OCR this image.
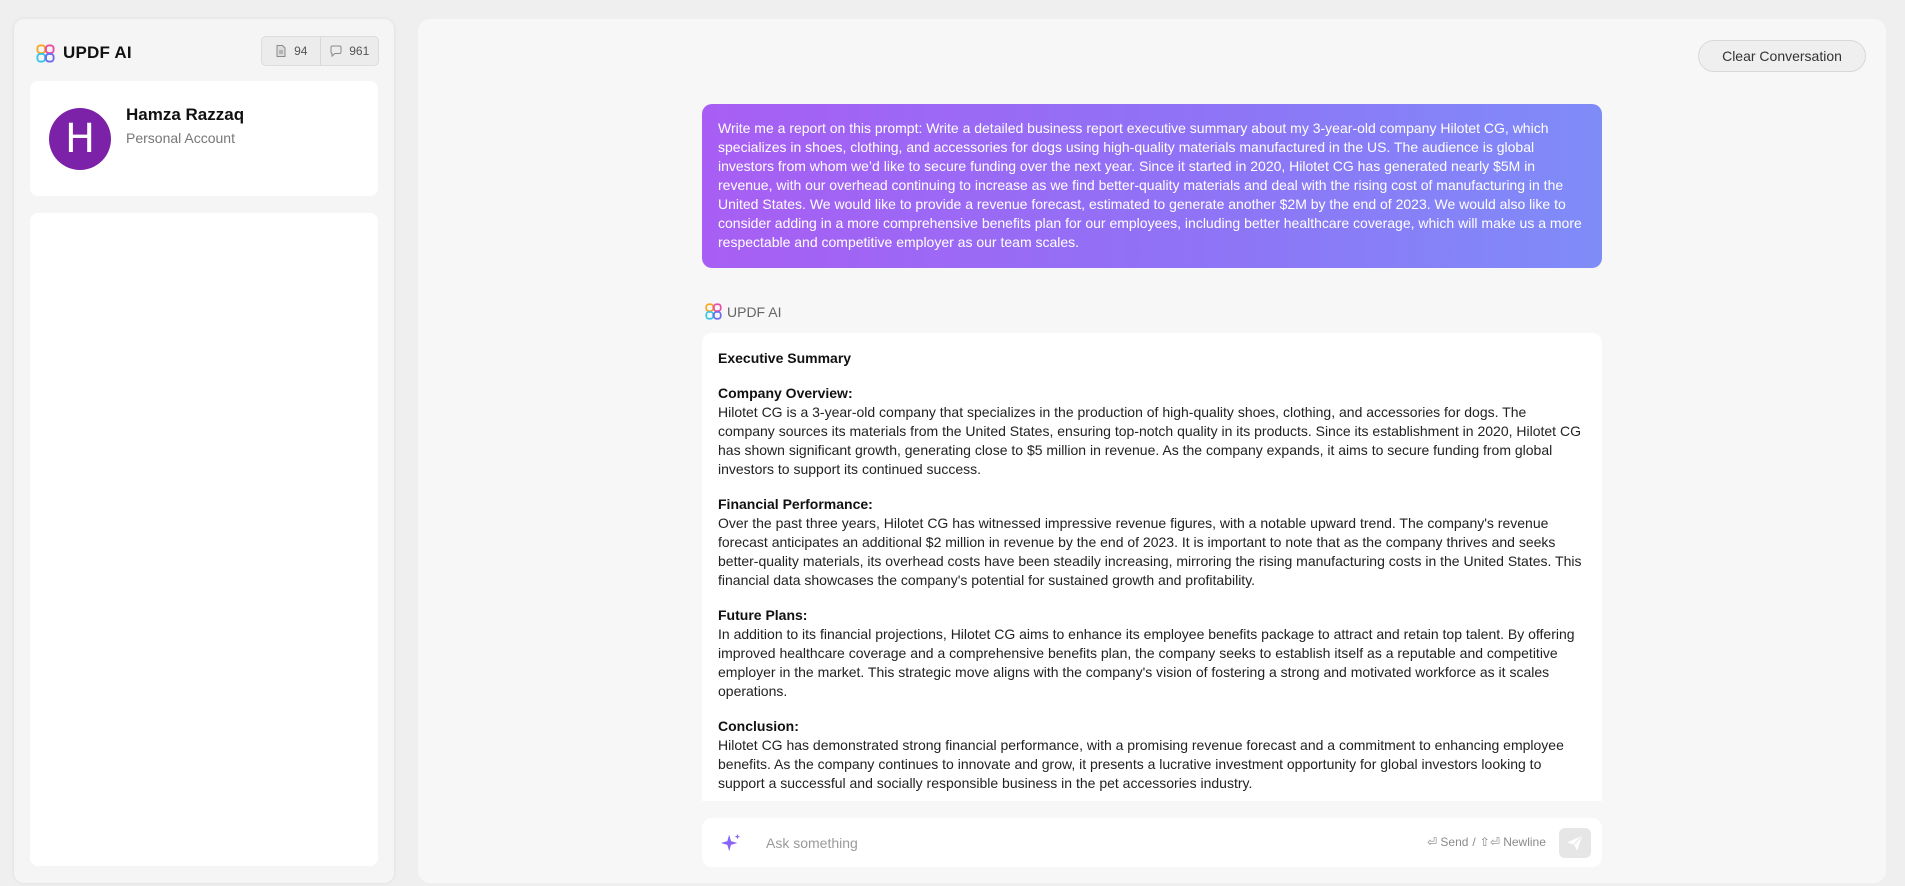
UPDF AI	94	961
H
Hamza Razzaq
Personal Account
Clear Conversation
Write me a report on this prompt: Write a detailed business report executive summary about my 3-year-old company Hilotet CG, which specializes in shoes, clothing, and accessories for dogs using high-quality materials manufactured in the US. The audience is global investors from whom we’d like to secure funding over the next year. Since it started in 2020, Hilotet CG has generated nearly $5M in revenue, with our overhead continuing to increase as we find better-quality materials and deal with the rising cost of manufacturing in the United States. We would like to provide a revenue forecast, estimated to generate another $2M by the end of 2023. We would also like to consider adding in a more comprehensive benefits plan for our employees, including better healthcare coverage, which will make us a more respectable and competitive employer as our team scales.
UPDF AI
Executive Summary
Company Overview:
Hilotet CG is a 3-year-old company that specializes in the production of high-quality shoes, clothing, and accessories for dogs. The company sources its materials from the United States, ensuring top-notch quality in its products. Since its establishment in 2020, Hilotet CG has shown significant growth, generating close to $5 million in revenue. As the company expands, it aims to secure funding from global investors to support its continued success.
Financial Performance:
Over the past three years, Hilotet CG has witnessed impressive revenue figures, with a notable upward trend. The company's revenue forecast anticipates an additional $2 million in revenue by the end of 2023. It is important to note that as the company thrives and seeks better-quality materials, its overhead costs have been steadily increasing, mirroring the rising manufacturing costs in the United States. This financial data showcases the company's potential for sustained growth and profitability.
Future Plans:
In addition to its financial projections, Hilotet CG aims to enhance its employee benefits package to attract and retain top talent. By offering improved healthcare coverage and a comprehensive benefits plan, the company seeks to establish itself as a reputable and competitive employer in the market. This strategic move aligns with the company's vision of fostering a strong and motivated workforce as it scales operations.
Conclusion:
Hilotet CG has demonstrated strong financial performance, with a promising revenue forecast and a commitment to enhancing employee benefits. As the company continues to innovate and grow, it presents a lucrative investment opportunity for global investors looking to support a successful and socially responsible business in the pet accessories industry.
Ask something
⏎ Send / ⇧⏎ Newline
